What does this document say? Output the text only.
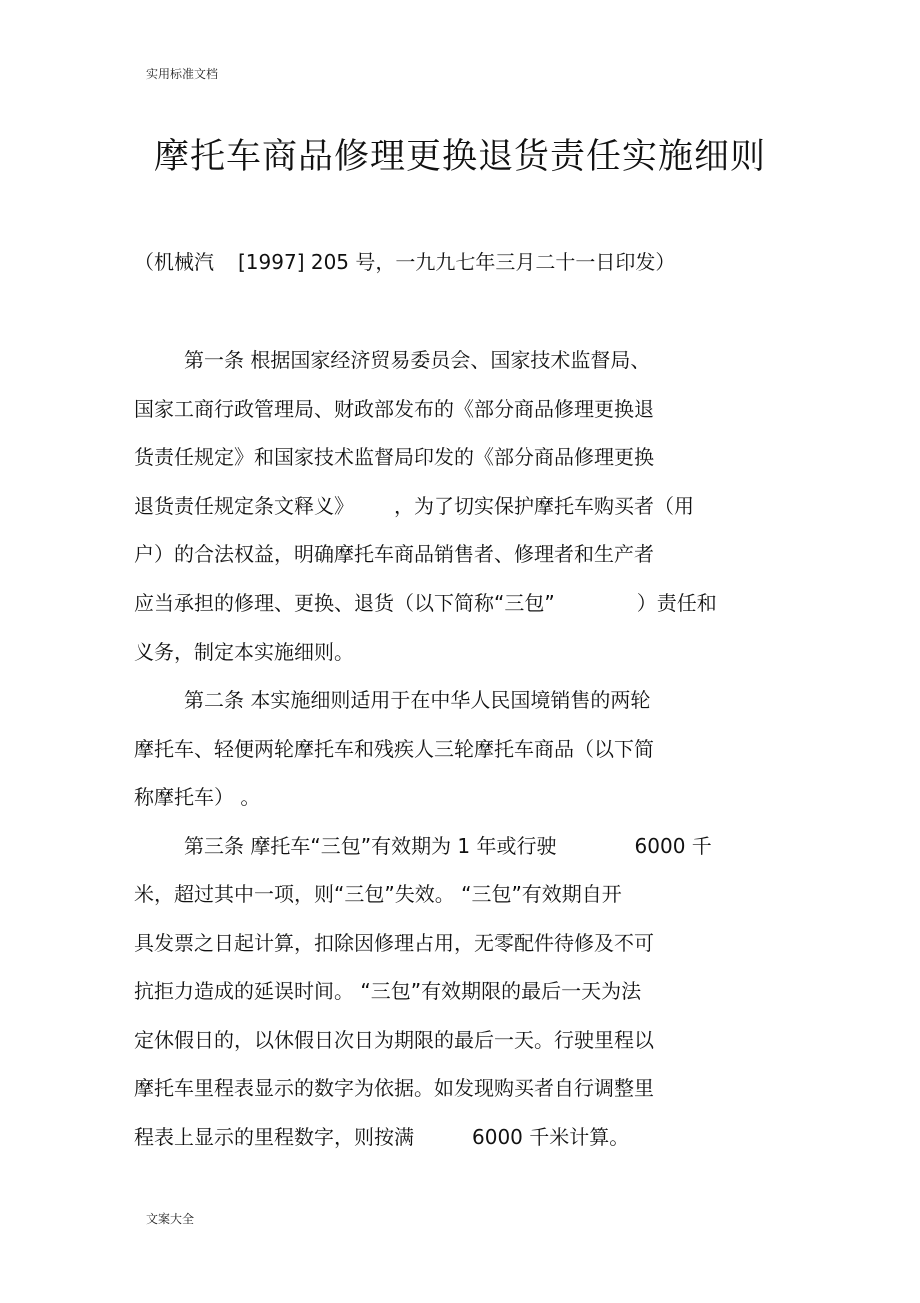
实用标准文档
摩托车商品修理更换退货责任实施细则
（机械汽 [1997] 205 号，一九九七年三月二十一日印发）
第一条 根据国家经济贸易委员会、国家技术监督局、
国家工商行政管理局、财政部发布的《部分商品修理更换退
货责任规定》和国家技术监督局印发的《部分商品修理更换
退货责任规定条文释义》 ，为了切实保护摩托车购买者（用
户）的合法权益，明确摩托车商品销售者、修理者和生产者
应当承担的修理、更换、退货（以下简称“三包”	）责任和
义务，制定本实施细则。
第二条 本实施细则适用于在中华人民国境销售的两轮
摩托车、轻便两轮摩托车和残疾人三轮摩托车商品（以下简
称摩托车） 。
第三条 摩托车“三包”有效期为 1 年或行驶	6000 千
米，超过其中一项，则“三包”失效。 “三包”有效期自开
具发票之日起计算，扣除因修理占用，无零配件待修及不可
抗拒力造成的延误时间。 “三包”有效期限的最后一天为法
定休假日的，以休假日次日为期限的最后一天。行驶里程以
摩托车里程表显示的数字为依据。如发现购买者自行调整里
程表上显示的里程数字，则按满	6000 千米计算。
文案大全
